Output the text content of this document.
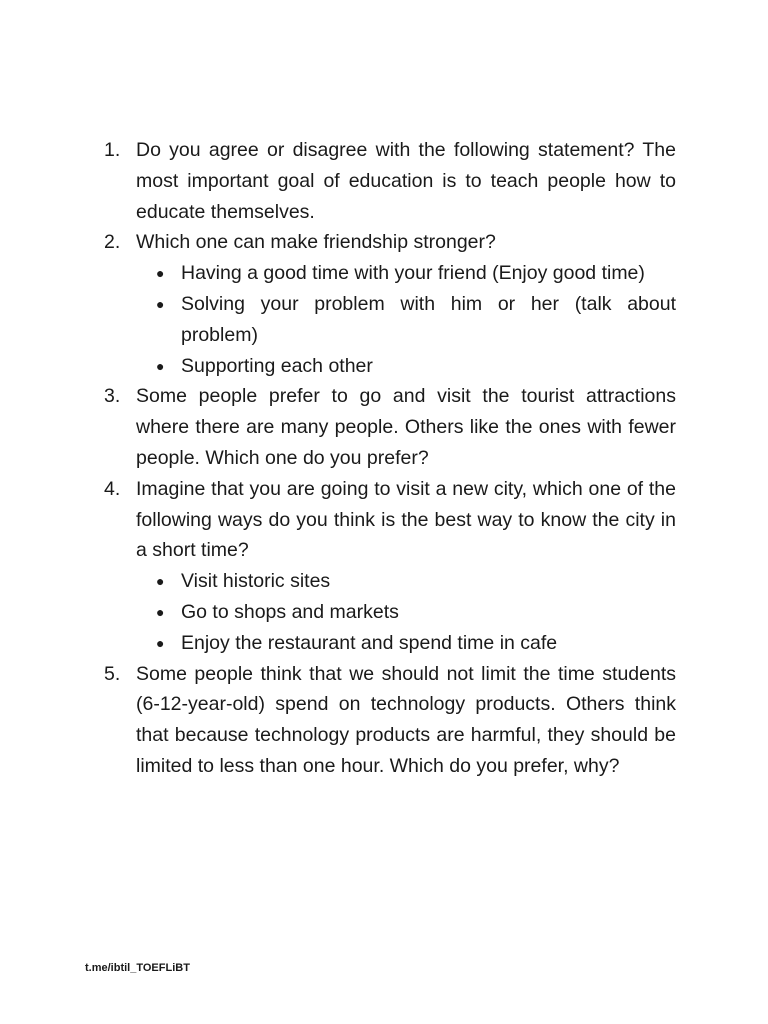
1. Do you agree or disagree with the following statement? The most important goal of education is to teach people how to educate themselves.
2. Which one can make friendship stronger?
● Having a good time with your friend (Enjoy good time)
● Solving your problem with him or her (talk about problem)
● Supporting each other
3. Some people prefer to go and visit the tourist attractions where there are many people. Others like the ones with fewer people. Which one do you prefer?
4. Imagine that you are going to visit a new city, which one of the following ways do you think is the best way to know the city in a short time?
● Visit historic sites
● Go to shops and markets
● Enjoy the restaurant and spend time in cafe
5. Some people think that we should not limit the time students (6-12-year-old) spend on technology products. Others think that because technology products are harmful, they should be limited to less than one hour. Which do you prefer, why?
t.me/ibtil_TOEFLiBT
